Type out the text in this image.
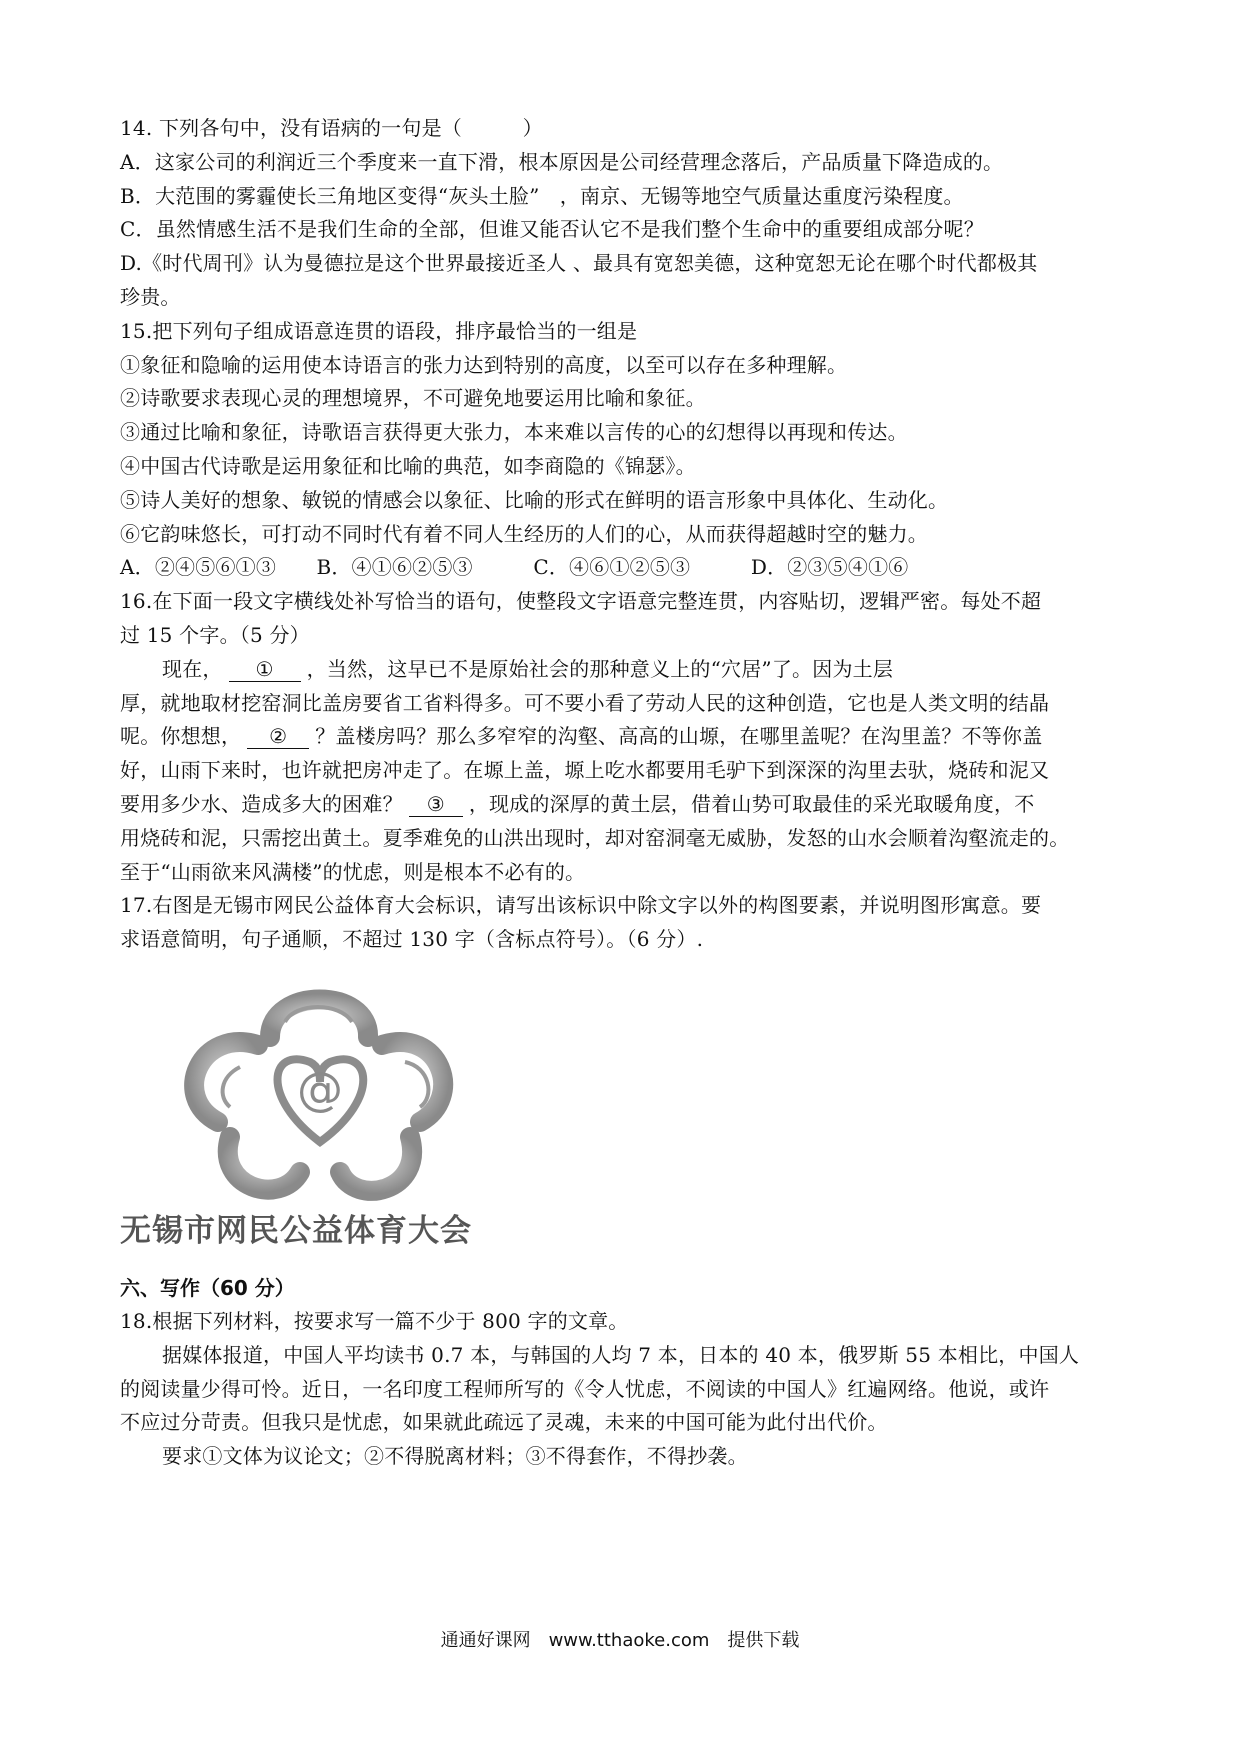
14. 下列各句中，没有语病的一句是（　　　）
A．这家公司的利润近三个季度来一直下滑，根本原因是公司经营理念落后，产品质量下降造成的。
B．大范围的雾霾使长三角地区变得“灰头土脸”　，南京、无锡等地空气质量达重度污染程度。
C．虽然情感生活不是我们生命的全部，但谁又能否认它不是我们整个生命中的重要组成部分呢？
D.《时代周刊》认为曼德拉是这个世界最接近圣人 、最具有宽恕美德，这种宽恕无论在哪个时代都极其
珍贵。
15.把下列句子组成语意连贯的语段，排序最恰当的一组是
①象征和隐喻的运用使本诗语言的张力达到特别的高度，以至可以存在多种理解。
②诗歌要求表现心灵的理想境界，不可避免地要运用比喻和象征。
③通过比喻和象征，诗歌语言获得更大张力，本来难以言传的心的幻想得以再现和传达。
④中国古代诗歌是运用象征和比喻的典范，如李商隐的《锦瑟》。
⑤诗人美好的想象、敏锐的情感会以象征、比喻的形式在鲜明的语言形象中具体化、生动化。
⑥它韵味悠长，可打动不同时代有着不同人生经历的人们的心，从而获得超越时空的魅力。
A．②④⑤⑥①③　　B．④①⑥②⑤③　　　C．④⑥①②⑤③　　　D．②③⑤④①⑥
16.在下面一段文字横线处补写恰当的语句，使整段文字语意完整连贯，内容贴切，逻辑严密。每处不超
过 15 个字。（5 分）
现在， ① ，当然，这早已不是原始社会的那种意义上的“穴居”了。因为土层
厚，就地取材挖窑洞比盖房要省工省料得多。可不要小看了劳动人民的这种创造，它也是人类文明的结晶
呢。你想想， ② ？盖楼房吗？那么多窄窄的沟壑、高高的山塬，在哪里盖呢？在沟里盖？不等你盖
好，山雨下来时，也许就把房冲走了。在塬上盖，塬上吃水都要用毛驴下到深深的沟里去驮，烧砖和泥又
要用多少水、造成多大的困难？ ③ ，现成的深厚的黄土层，借着山势可取最佳的采光取暖角度，不
用烧砖和泥，只需挖出黄土。夏季难免的山洪出现时，却对窑洞毫无威胁，发怒的山水会顺着沟壑流走的。
至于“山雨欲来风满楼”的忧虑，则是根本不必有的。
17.右图是无锡市网民公益体育大会标识，请写出该标识中除文字以外的构图要素，并说明图形寓意。要
求语意简明，句子通顺，不超过 130 字（含标点符号）。（6 分）.
@
无锡市网民公益体育大会
六、写作（60 分）
18.根据下列材料，按要求写一篇不少于 800 字的文章。
据媒体报道，中国人平均读书 0.7 本，与韩国的人均 7 本，日本的 40 本，俄罗斯 55 本相比，中国人
的阅读量少得可怜。近日，一名印度工程师所写的《令人忧虑，不阅读的中国人》红遍网络。他说，或许
不应过分苛责。但我只是忧虑，如果就此疏远了灵魂，未来的中国可能为此付出代价。
要求①文体为议论文；②不得脱离材料；③不得套作，不得抄袭。
通通好课网　www.tthaoke.com　提供下载
